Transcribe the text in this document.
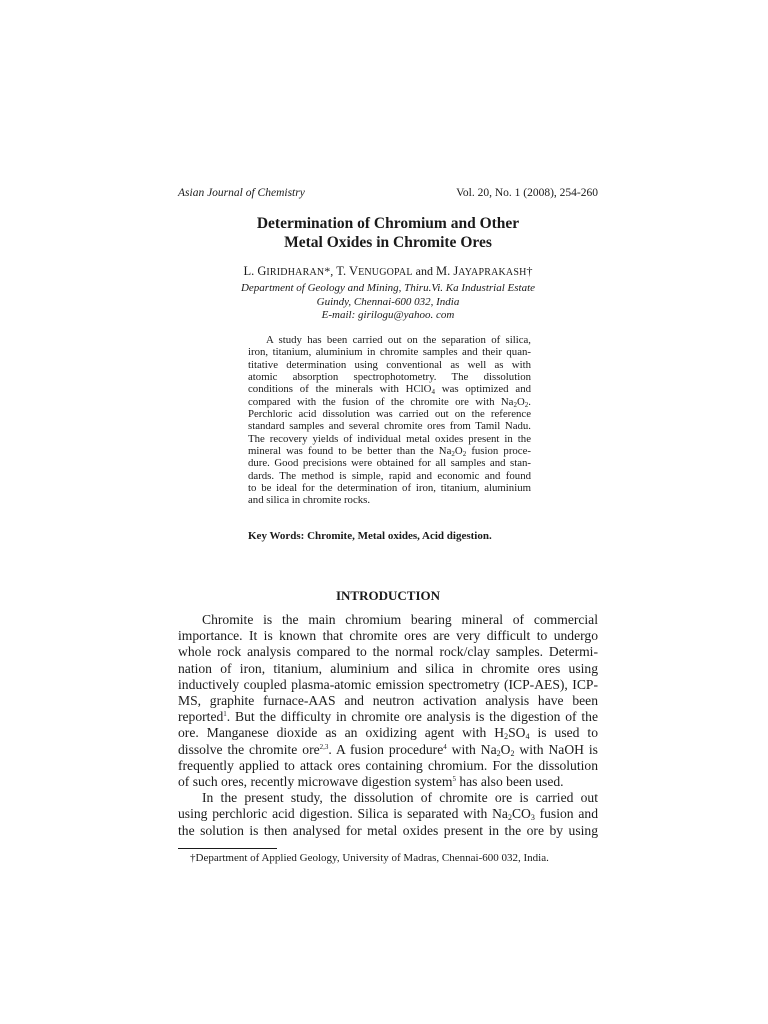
Asian Journal of Chemistry	Vol. 20, No. 1 (2008), 254-260
Determination of Chromium and Other
Metal Oxides in Chromite Ores
L. GIRIDHARAN*, T. VENUGOPAL and M. JAYAPRAKASH†
Department of Geology and Mining, Thiru.Vi. Ka Industrial Estate
Guindy, Chennai-600 032, India
E-mail: girilogu@yahoo. com
A study has been carried out on the separation of silica,
iron, titanium, aluminium in chromite samples and their quan-
titative determination using conventional as well as with
atomic absorption spectrophotometry. The dissolution
conditions of the minerals with HClO$_4$ was optimized and
compared with the fusion of the chromite ore with $Na_2O_2$.
Perchloric acid dissolution was carried out on the reference
standard samples and several chromite ores from Tamil Nadu.
The recovery yields of individual metal oxides present in the
mineral was found to be better than the $Na_2O_2$ fusion proce-
dure. Good precisions were obtained for all samples and stan-
dards. The method is simple, rapid and economic and found
to be ideal for the determination of iron, titanium, aluminium
and silica in chromite rocks.
Key Words: Chromite, Metal oxides, Acid digestion.
INTRODUCTION
Chromite is the main chromium bearing mineral of commercial
importance. It is known that chromite ores are very difficult to undergo
whole rock analysis compared to the normal rock/clay samples. Determi-
nation of iron, titanium, aluminium and silica in chromite ores using
inductively coupled plasma-atomic emission spectrometry (ICP-AES), ICP-
MS, graphite furnace-AAS and neutron activation analysis have been
reported$^1$. But the difficulty in chromite ore analysis is the digestion of the
ore. Manganese dioxide as an oxidizing agent with $H_2SO_4$ is used to
dissolve the chromite ore$^{2,3}$. A fusion procedure$^4$ with $Na_2O_2$ with NaOH is
frequently applied to attack ores containing chromium. For the dissolution
of such ores, recently microwave digestion system$^5$ has also been used.
In the present study, the dissolution of chromite ore is carried out
using perchloric acid digestion. Silica is separated with $Na_2CO_3$ fusion and
the solution is then analysed for metal oxides present in the ore by using
†Department of Applied Geology, University of Madras, Chennai-600 032, India.
